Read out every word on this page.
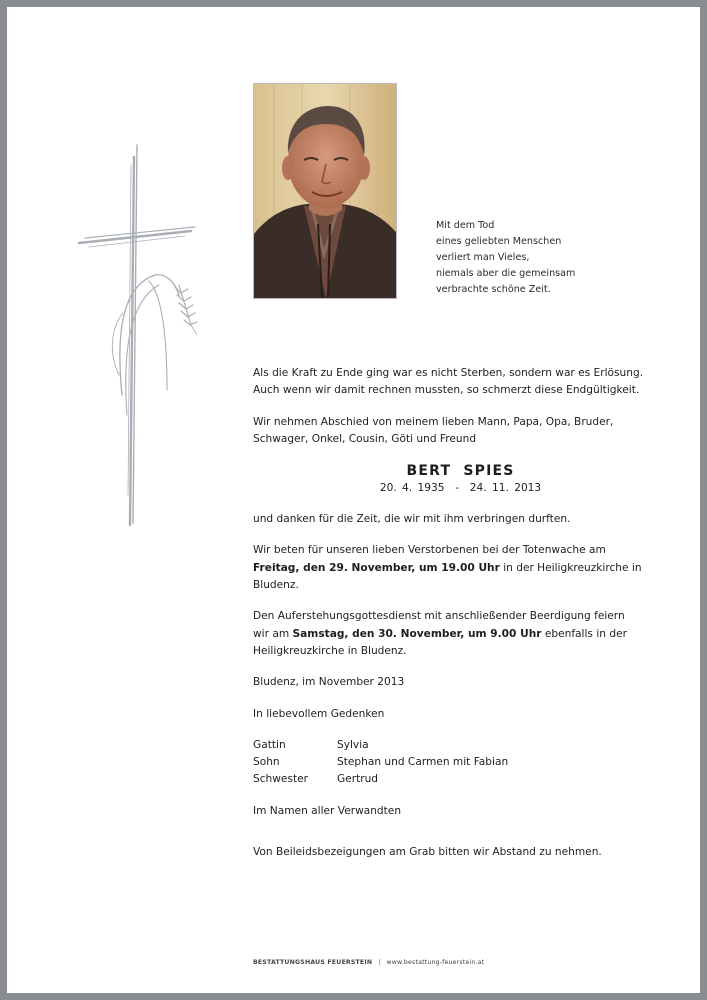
Mit dem Tod
eines geliebten Menschen
verliert man Vieles,
niemals aber die gemeinsam
verbrachte schöne Zeit.

Als die Kraft zu Ende ging war es nicht Sterben, sondern war es Erlösung.
Auch wenn wir damit rechnen mussten, so schmerzt diese Endgültigkeit.

Wir nehmen Abschied von meinem lieben Mann, Papa, Opa, Bruder,
Schwager, Onkel, Cousin, Göti und Freund

BERT  SPIES
20. 4. 1935  -  24. 11. 2013

und danken für die Zeit, die wir mit ihm verbringen durften.

Wir beten für unseren lieben Verstorbenen bei der Totenwache am
Freitag, den 29. November, um 19.00 Uhr in der Heiligkreuzkirche in
Bludenz.

Den Auferstehungsgottesdienst mit anschließender Beerdigung feiern
wir am Samstag, den 30. November, um 9.00 Uhr ebenfalls in der
Heiligkreuzkirche in Bludenz.

Bludenz, im November 2013

In liebevollem Gedenken

Gattin	Sylvia
Sohn	Stephan und Carmen mit Fabian
Schwester	Gertrud

Im Namen aller Verwandten

Von Beileidsbezeigungen am Grab bitten wir Abstand zu nehmen.

BESTATTUNGSHAUS FEUERSTEIN | www.bestattung-feuerstein.at
